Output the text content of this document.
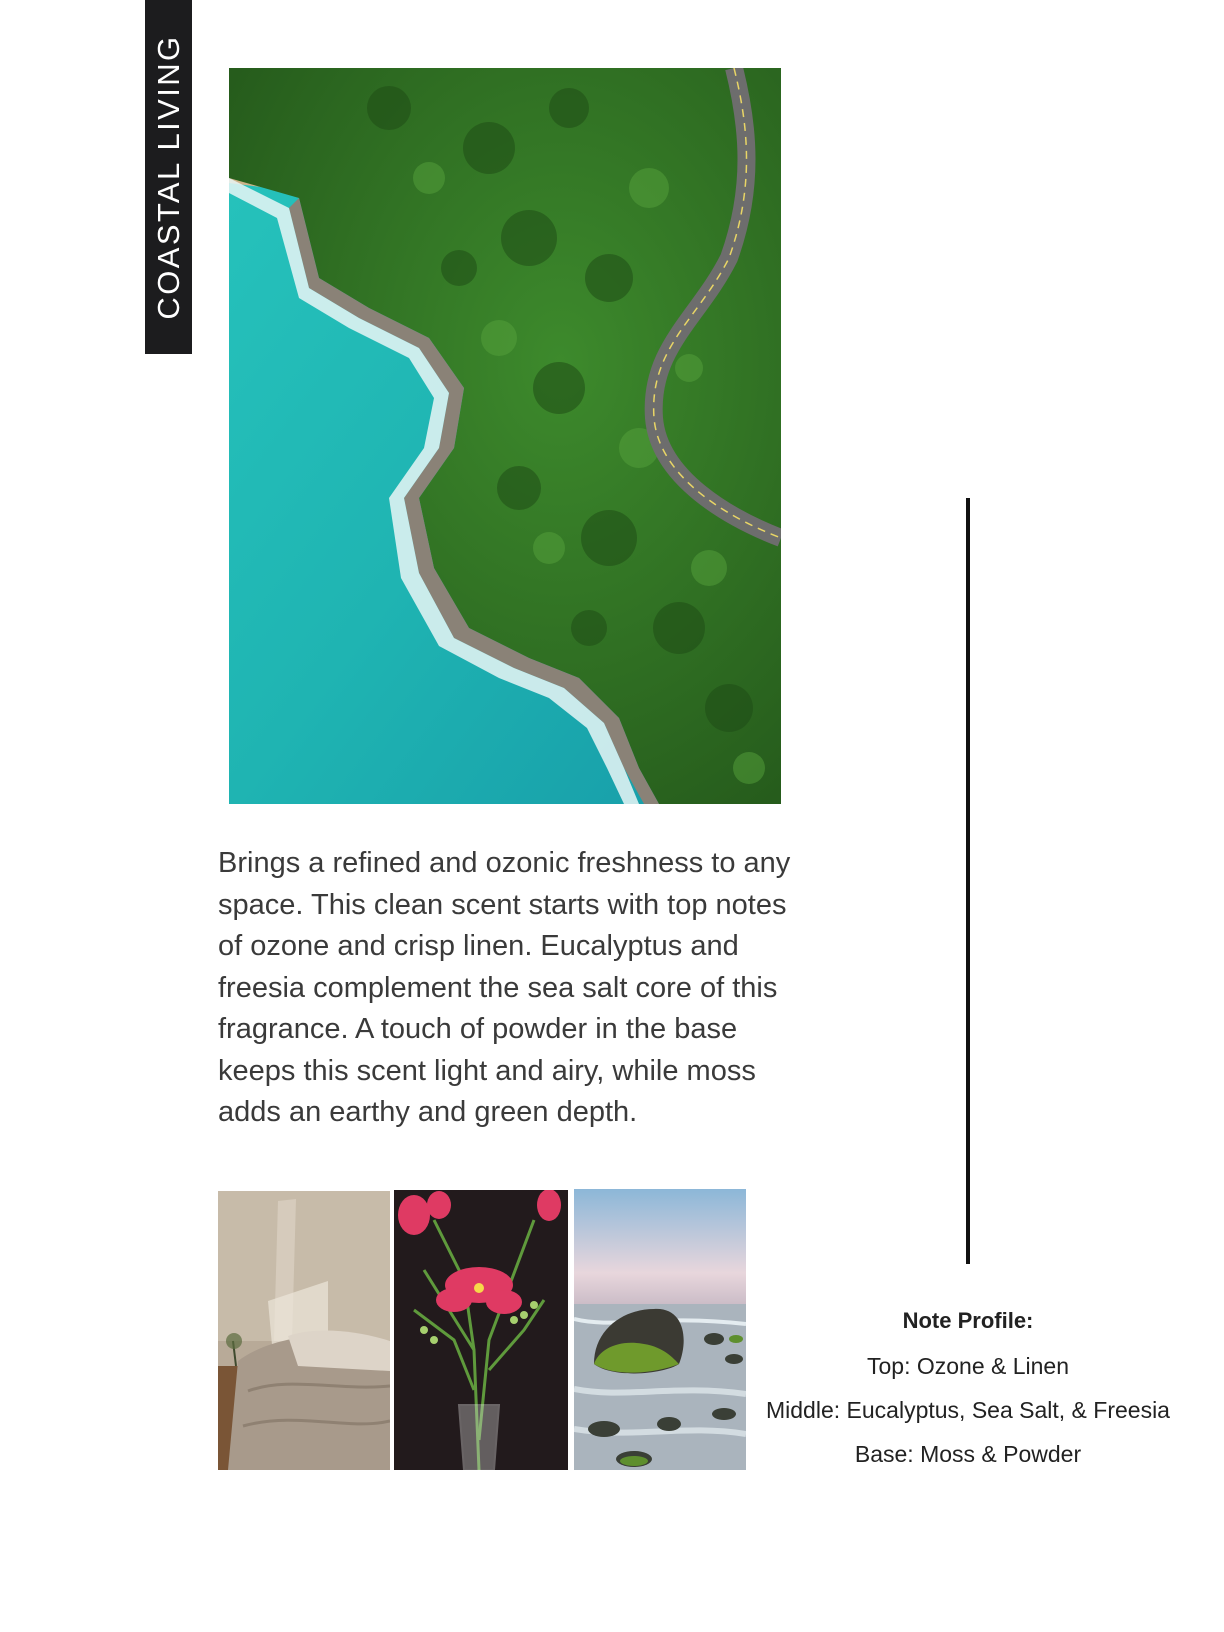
COASTAL LIVING

Brings a refined and ozonic freshness to any space. This clean scent starts with top notes of ozone and crisp linen. Eucalyptus and freesia complement the sea salt core of this fragrance. A touch of powder in the base keeps this scent light and airy, while moss adds an earthy and green depth.

Note Profile:

Top: Ozone & Linen

Middle: Eucalyptus, Sea Salt, & Freesia

Base: Moss & Powder
